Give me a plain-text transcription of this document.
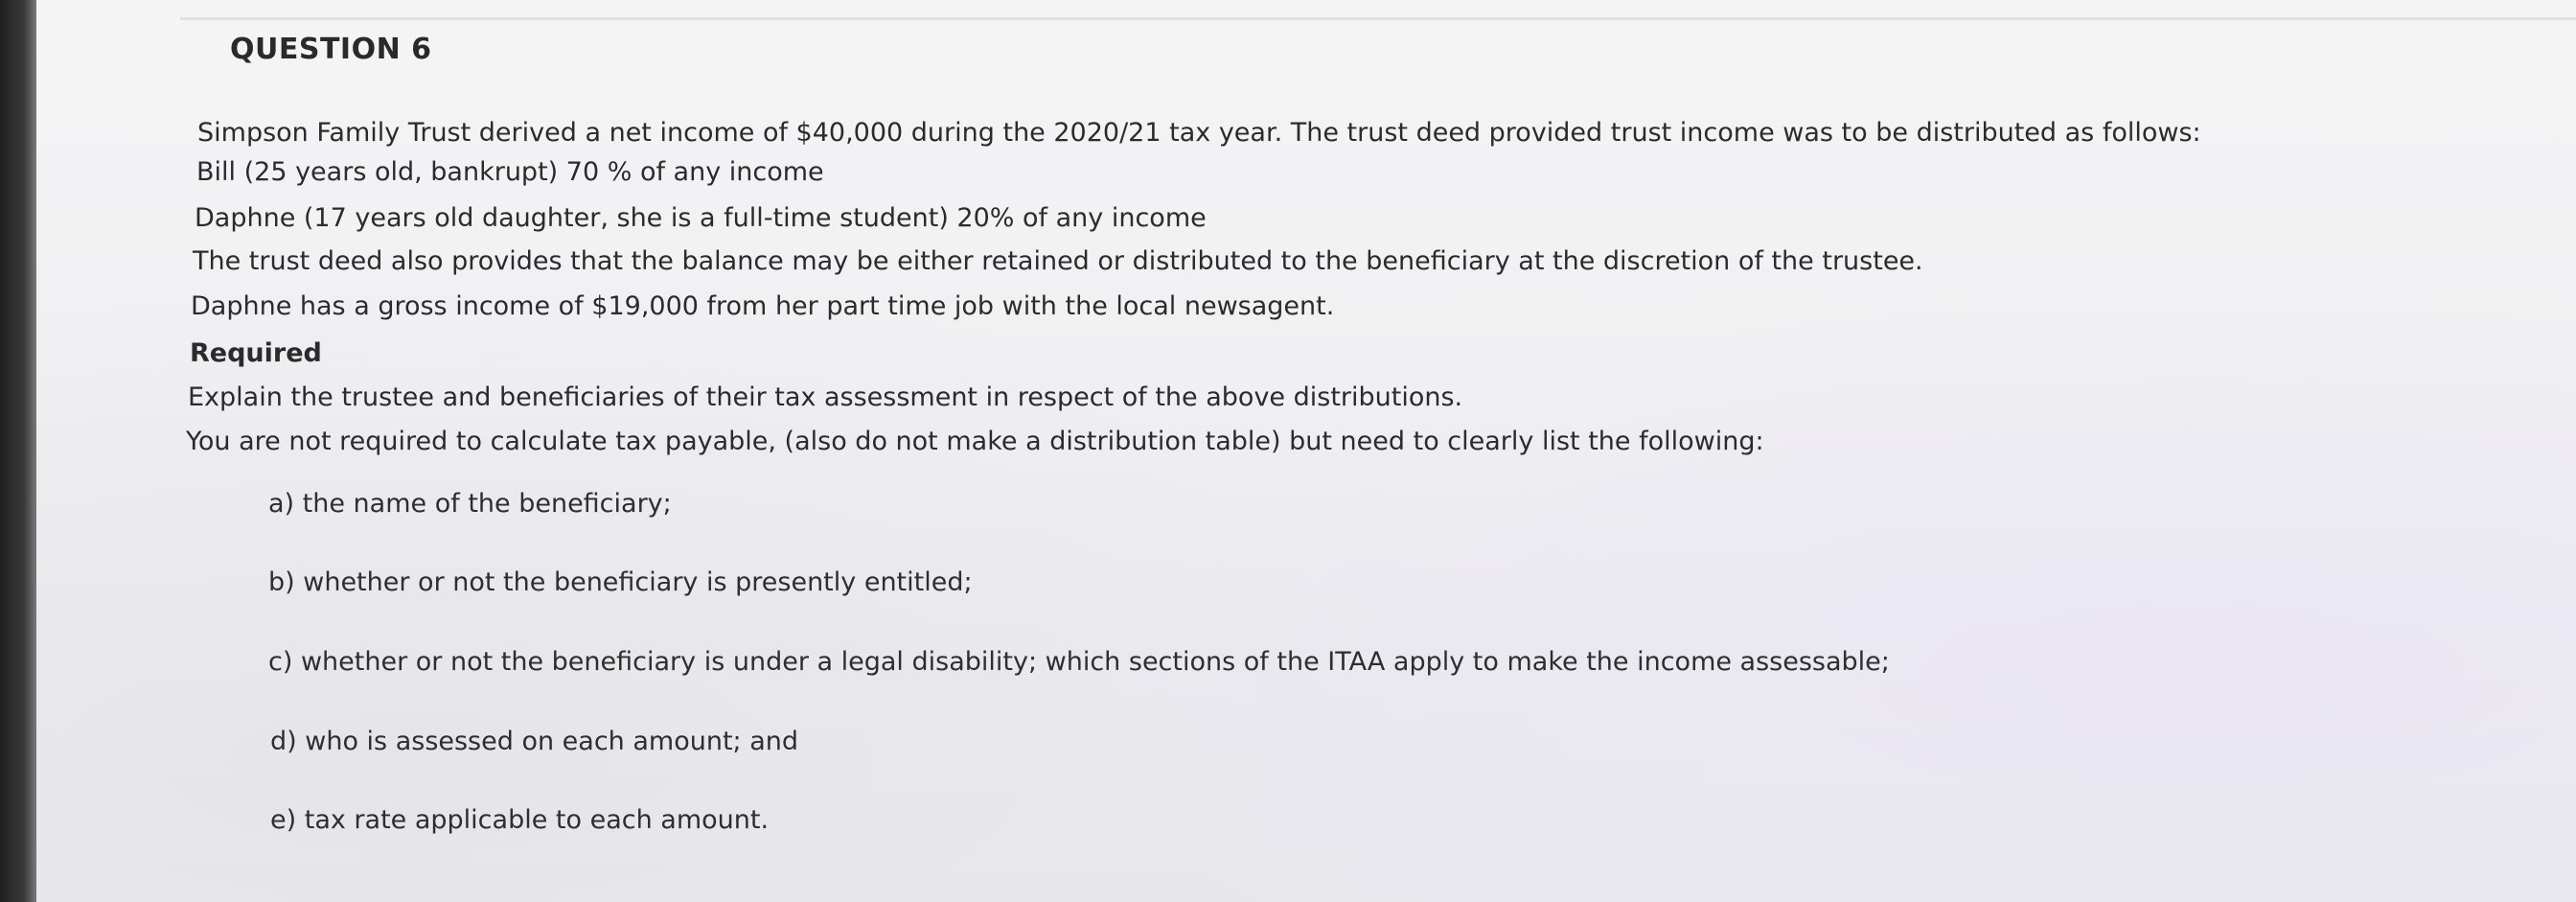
QUESTION 6
Simpson Family Trust derived a net income of $40,000 during the 2020/21 tax year. The trust deed provided trust income was to be distributed as follows:
Bill (25 years old, bankrupt) 70 % of any income
Daphne (17 years old daughter, she is a full-time student) 20% of any income
The trust deed also provides that the balance may be either retained or distributed to the beneficiary at the discretion of the trustee.
Daphne has a gross income of $19,000 from her part time job with the local newsagent.
Required
Explain the trustee and beneficiaries of their tax assessment in respect of the above distributions.
You are not required to calculate tax payable, (also do not make a distribution table) but need to clearly list the following:
a) the name of the beneficiary;
b) whether or not the beneficiary is presently entitled;
c) whether or not the beneficiary is under a legal disability; which sections of the ITAA apply to make the income assessable;
d) who is assessed on each amount; and
e) tax rate applicable to each amount.
